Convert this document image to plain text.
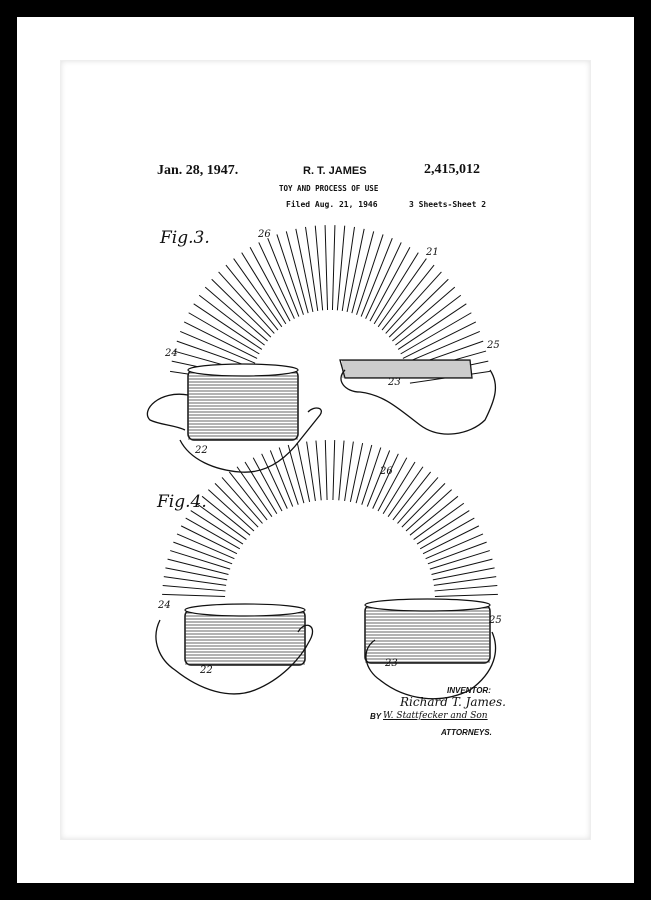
Jan. 28, 1947.	R. T. JAMES	2,415,012
TOY AND PROCESS OF USE
Filed Aug. 21, 1946	3 Sheets-Sheet 2
Fig.3.	26
21
24
25
23
22
Fig.4.
26
24
25
22
23
INVENTOR:
Richard T. James.
BY W. Stattfecker and Son
ATTORNEYS.
